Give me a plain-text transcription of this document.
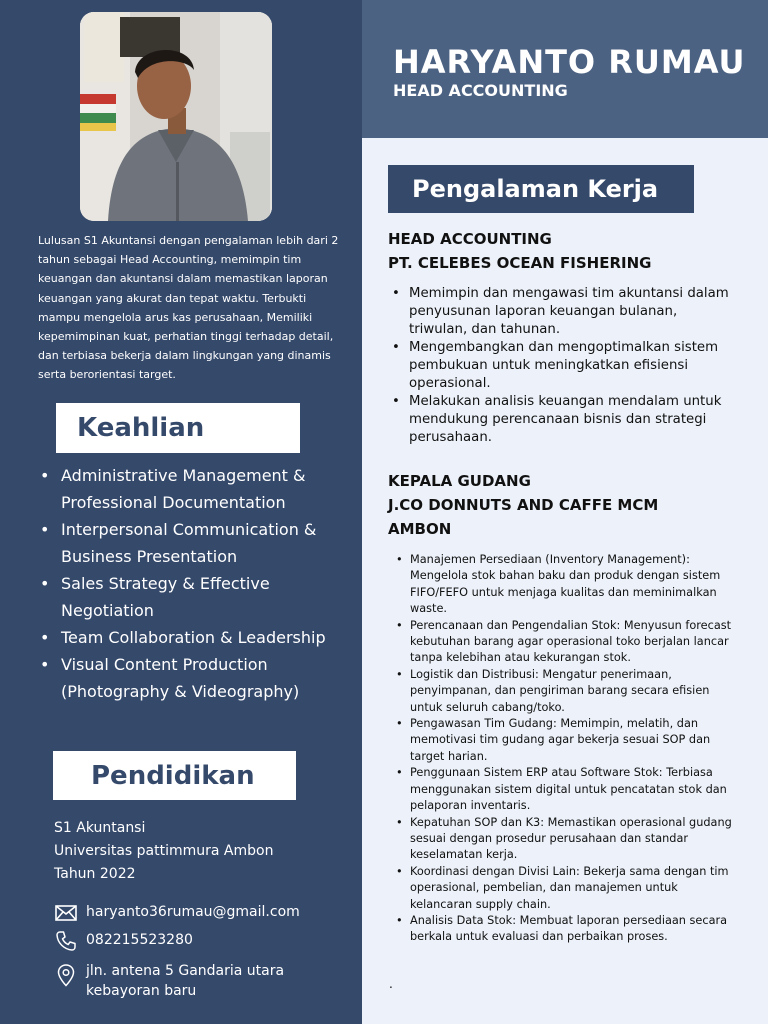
Lulusan S1 Akuntansi dengan pengalaman lebih dari 2 tahun sebagai Head Accounting, memimpin tim keuangan dan akuntansi dalam memastikan laporan keuangan yang akurat dan tepat waktu. Terbukti mampu mengelola arus kas perusahaan, Memiliki kepemimpinan kuat, perhatian tinggi terhadap detail, dan terbiasa bekerja dalam lingkungan yang dinamis serta berorientasi target.

Keahlian
• Administrative Management & Professional Documentation
• Interpersonal Communication & Business Presentation
• Sales Strategy & Effective Negotiation
• Team Collaboration & Leadership
• Visual Content Production (Photography & Videography)
Pendidikan
S1 Akuntansi
Universitas pattimmura Ambon
Tahun 2022
haryanto36rumau@gmail.com
082215523280
jln. antena 5 Gandaria utara kebayoran baru
HARYANTO RUMAU
HEAD ACCOUNTING
Pengalaman Kerja
HEAD ACCOUNTING
PT. CELEBES OCEAN FISHERING
• Memimpin dan mengawasi tim akuntansi dalam penyusunan laporan keuangan bulanan, triwulan, dan tahunan.
• Mengembangkan dan mengoptimalkan sistem pembukuan untuk meningkatkan efisiensi operasional.
• Melakukan analisis keuangan mendalam untuk mendukung perencanaan bisnis dan strategi perusahaan.
KEPALA GUDANG
J.CO DONNUTS AND CAFFE MCM AMBON
• Manajemen Persediaan (Inventory Management): Mengelola stok bahan baku dan produk dengan sistem FIFO/FEFO untuk menjaga kualitas dan meminimalkan waste.
• Perencanaan dan Pengendalian Stok: Menyusun forecast kebutuhan barang agar operasional toko berjalan lancar tanpa kelebihan atau kekurangan stok.
• Logistik dan Distribusi: Mengatur penerimaan, penyimpanan, dan pengiriman barang secara efisien untuk seluruh cabang/toko.
• Pengawasan Tim Gudang: Memimpin, melatih, dan memotivasi tim gudang agar bekerja sesuai SOP dan target harian.
• Penggunaan Sistem ERP atau Software Stok: Terbiasa menggunakan sistem digital untuk pencatatan stok dan pelaporan inventaris.
• Kepatuhan SOP dan K3: Memastikan operasional gudang sesuai dengan prosedur perusahaan dan standar keselamatan kerja.
• Koordinasi dengan Divisi Lain: Bekerja sama dengan tim operasional, pembelian, dan manajemen untuk kelancaran supply chain.
• Analisis Data Stok: Membuat laporan persediaan secara berkala untuk evaluasi dan perbaikan proses.
.
